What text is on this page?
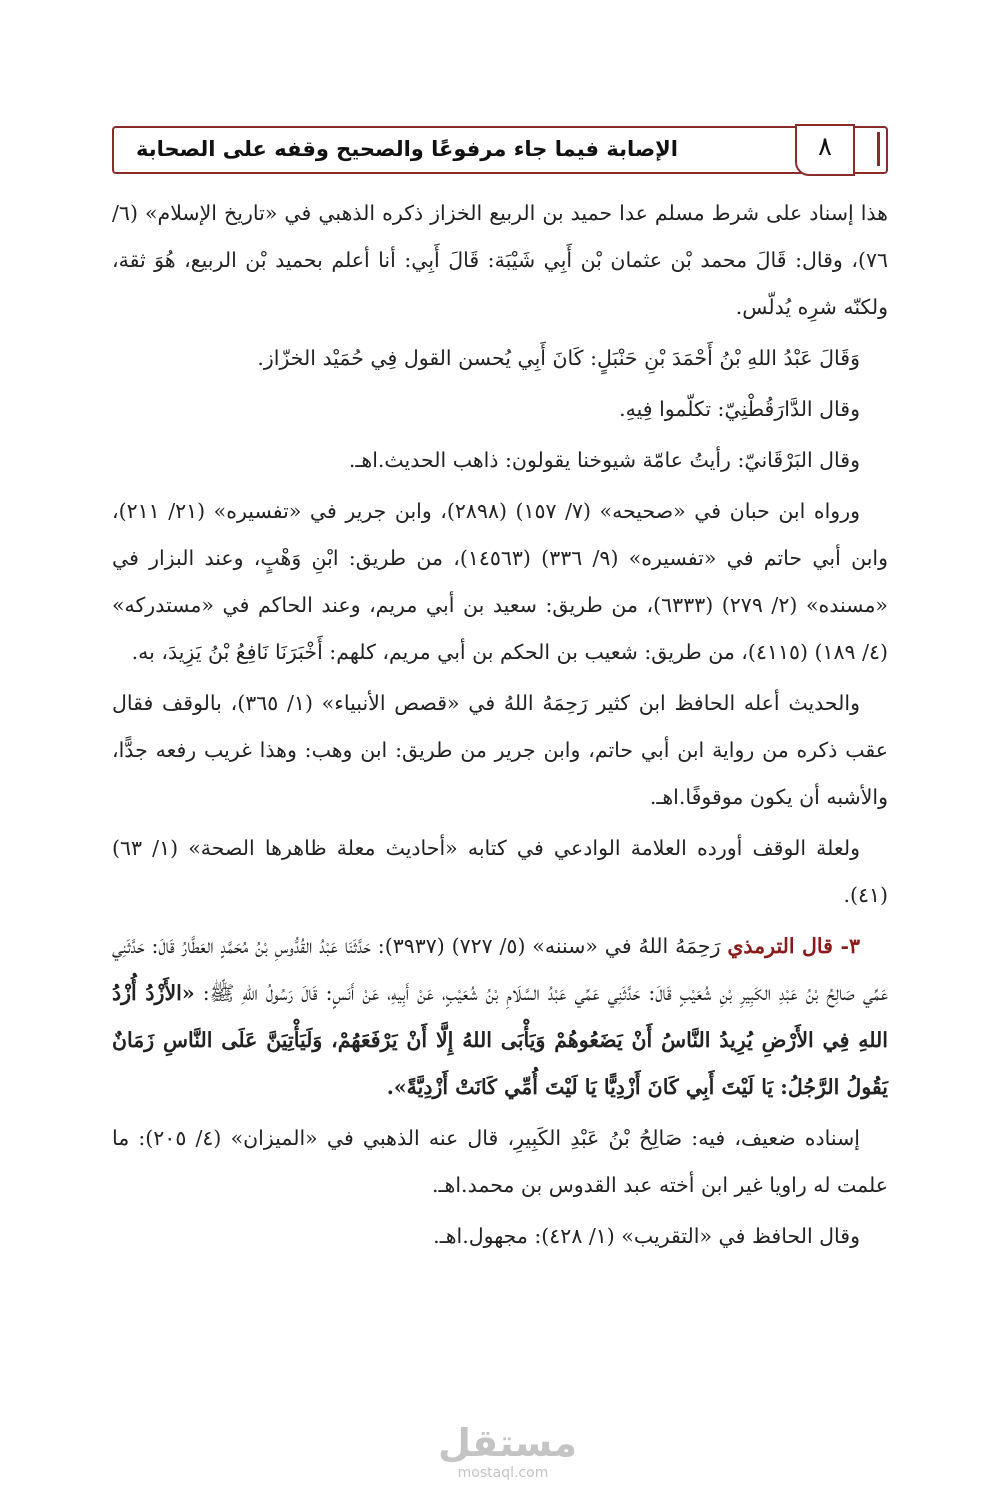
الإصابة فيما جاء مرفوعًا والصحيح وقفه على الصحابة	٨

هذا إسناد على شرط مسلم عدا حميد بن الربيع الخزاز ذكره الذهبي في «تاريخ الإسلام» (٦/ ٧٦)، وقال: قَالَ محمد بْن عثمان بْن أَبِي شَيْبَة: قَالَ أَبِي: أنا أعلم بحميد بْن الربيع، هُوَ ثقة، ولكنّه شرِه يُدلّس.

وَقَالَ عَبْدُ اللهِ بْنُ أَحْمَدَ بْنِ حَنْبَلٍ: كَانَ أَبِي يُحسن القول فِي حُمَيْد الخزّاز.

وقال الدَّارَقُطْنِيّ: تكلّموا فِيهِ.

وقال البَرْقَانيّ: رأيتُ عامّة شيوخنا يقولون: ذاهب الحديث.اهـ.

ورواه ابن حبان في «صحيحه» (٧/ ١٥٧) (٢٨٩٨)، وابن جرير في «تفسيره» (٢١/ ٢١١)، وابن أبي حاتم في «تفسيره» (٩/ ٣٣٦) (١٤٥٦٣)، من طريق: ابْنِ وَهْبٍ، وعند البزار في «مسنده» (٢/ ٢٧٩) (٦٣٣٣)، من طريق: سعيد بن أبي مريم، وعند الحاكم في «مستدركه» (٤/ ١٨٩) (٤١١٥)، من طريق: شعيب بن الحكم بن أبي مريم، كلهم: أَخْبَرَنَا نَافِعُ بْنُ يَزِيدَ، به.

والحديث أعله الحافظ ابن كثير رَحِمَهُ اللهُ في «قصص الأنبياء» (١/ ٣٦٥)، بالوقف فقال عقب ذكره من رواية ابن أبي حاتم، وابن جرير من طريق: ابن وهب: وهذا غريب رفعه جدًّا، والأشبه أن يكون موقوفًا.اهـ.

ولعلة الوقف أورده العلامة الوادعي في كتابه «أحاديث معلة ظاهرها الصحة» (١/ ٦٣) (٤١).

٣- قال الترمذي رَحِمَهُ اللهُ في «سننه» (٥/ ٧٢٧) (٣٩٣٧): حَدَّثَنَا عَبْدُ القُدُّوسِ بْنُ مُحَمَّدٍ العَطَّارُ قَالَ: حَدَّثَنِي عَمِّي صَالِحُ بْنُ عَبْدِ الكَبِيرِ بْنِ شُعَيْبٍ قَالَ: حَدَّثَنِي عَمِّي عَبْدُ السَّلَامِ بْنُ شُعَيْبٍ، عَنْ أَبِيهِ، عَنْ أَنَسٍ: قَالَ رَسُولُ اللهِ ﷺ: «الأَزْدُ أُزْدُ اللهِ فِي الأَرْضِ يُرِيدُ النَّاسُ أَنْ يَضَعُوهُمْ وَيَأْبَى اللهُ إِلَّا أَنْ يَرْفَعَهُمْ، وَلَيَأْتِيَنَّ عَلَى النَّاسِ زَمَانٌ يَقُولُ الرَّجُلُ: يَا لَيْتَ أَبِي كَانَ أَزْدِيًّا يَا لَيْتَ أُمِّي كَانَتْ أَزْدِيَّةً».

إسناده ضعيف، فيه: صَالِحُ بْنُ عَبْدِ الكَبِيرِ، قال عنه الذهبي في «الميزان» (٤/ ٢٠٥): ما علمت له راويا غير ابن أخته عبد القدوس بن محمد.اهـ.

وقال الحافظ في «التقريب» (١/ ٤٢٨): مجهول.اهـ.

مستقل
mostaql.com
